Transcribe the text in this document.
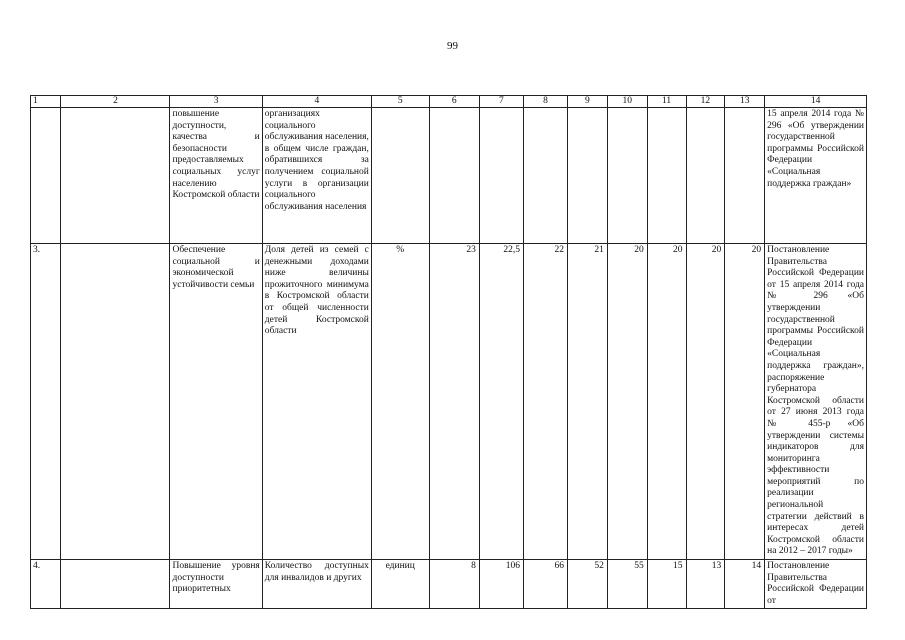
99
1	2	3	4	5	6	7	8	9	10	11	12	13	14
		повышение доступности, качества и безопасности предоставляемых социальных услуг населению Костромской области	организациях социального обслуживания населения, в общем числе граждан, обратившихся за получением социальной услуги в организации социального обслуживания населения										15 апреля 2014 года № 296 «Об утверждении государственной программы Российской Федерации «Социальная поддержка граждан»
3.		Обеспечение социальной и экономической устойчивости семьи	Доля детей из семей с денежными доходами ниже величины прожиточного минимума в Костромской области от общей численности детей Костромской области	%	23	22,5	22	21	20	20	20	20	Постановление Правительства Российской Федерации от 15 апреля 2014 года № 296 «Об утверждении государственной программы Российской Федерации «Социальная поддержка граждан», распоряжение губернатора Костромской области от 27 июня 2013 года № 455-р «Об утверждении системы индикаторов для мониторинга эффективности мероприятий по реализации региональной стратегии действий в интересах детей Костромской области на 2012 – 2017 годы»
4.		Повышение уровня доступности приоритетных	Количество доступных для инвалидов и других	единиц	8	106	66	52	55	15	13	14	Постановление Правительства Российской Федерации от
